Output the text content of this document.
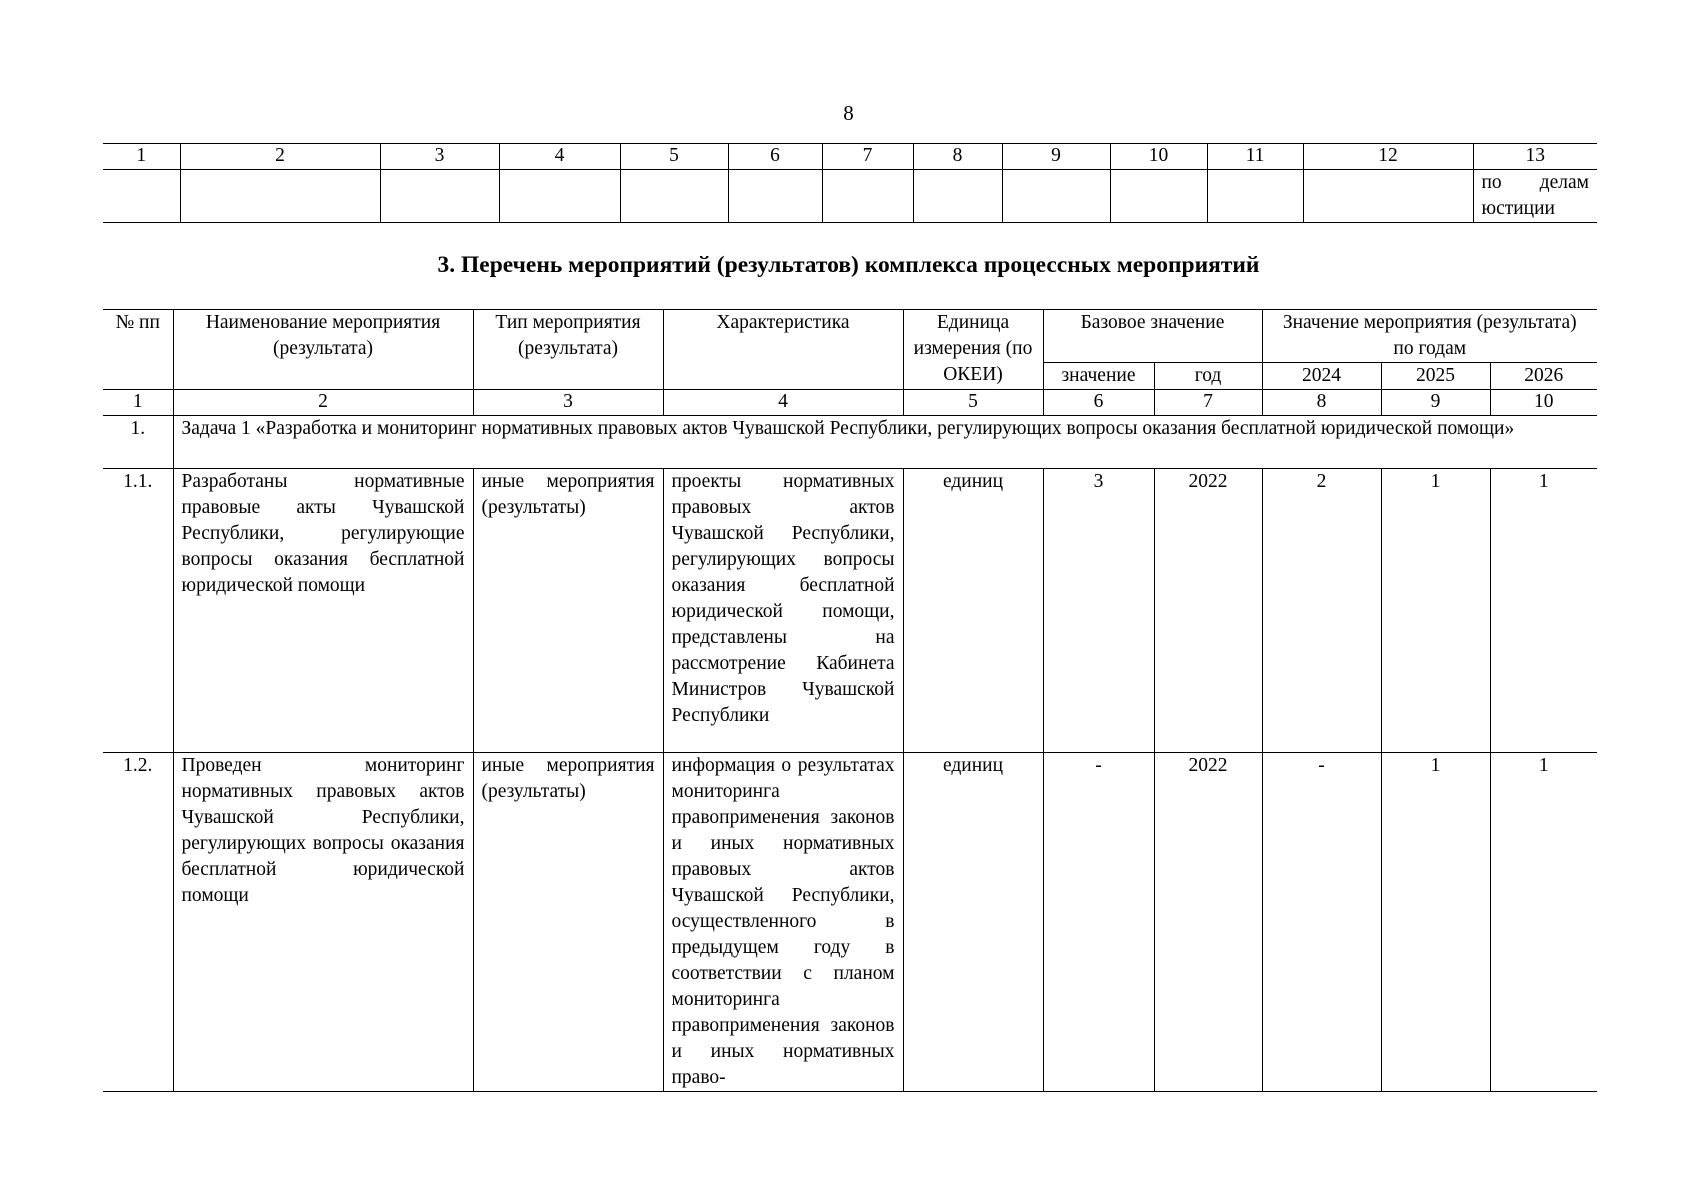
8
1	2	3	4	5	6	7	8	9	10	11	12	13
												по делам юстиции
3. Перечень мероприятий (результатов) комплекса процессных мероприятий
№ пп	Наименование мероприятия (результата)	Тип мероприятия (результата)	Характеристика	Единица измерения (по ОКЕИ)	Базовое значение		Значение мероприятия (результата) по годам		
					значение	год	2024	2025	2026
1	2	3	4	5	6	7	8	9	10
1.	Задача 1 «Разработка и мониторинг нормативных правовых актов Чувашской Республики, регулирующих вопросы оказания бесплатной юридической помощи»								
1.1.	Разработаны нормативные правовые акты Чувашской Республики, регулирующие вопросы оказания бесплатной юридической помощи	иные мероприятия (результаты)	проекты нормативных правовых актов Чувашской Республики, регулирующих вопросы оказания бесплатной юридической помощи, представлены на рассмотрение Кабинета Министров Чувашской Республики	единиц	3	2022	2	1	1
1.2.	Проведен мониторинг нормативных правовых актов Чувашской Республики, регулирующих вопросы оказания бесплатной юридической помощи	иные мероприятия (результаты)	информация о результатах мониторинга правоприменения законов и иных нормативных правовых актов Чувашской Республики, осуществленного в предыдущем году в соответствии с планом мониторинга правоприменения законов и иных нормативных право-	единиц	-	2022	-	1	1
